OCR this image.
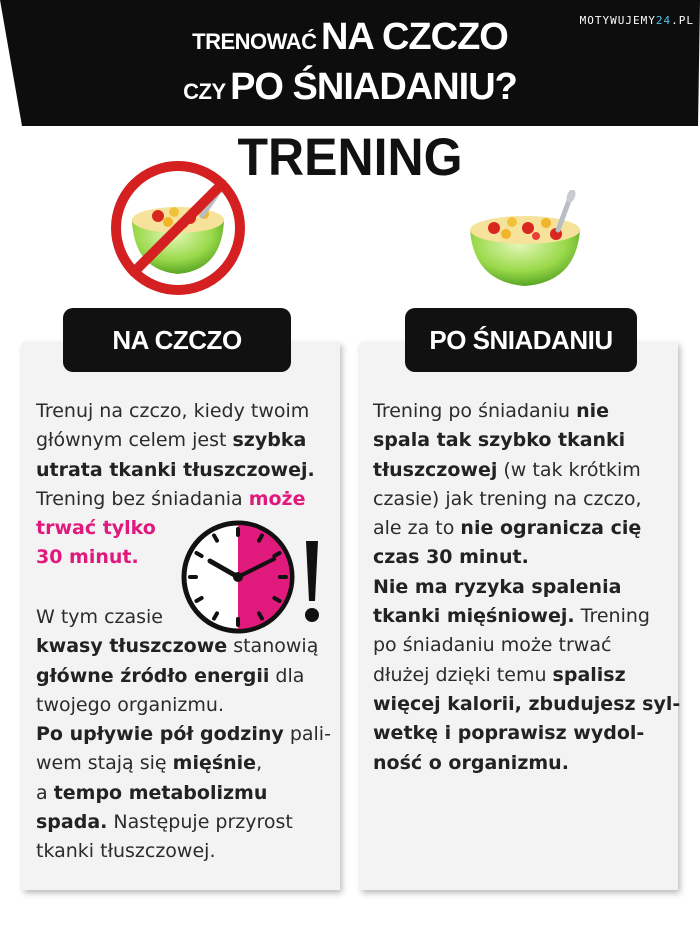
TRENOWAĆ NA CZCZO
CZY PO ŚNIADANIU?
MOTYWUJEMY24.PL
TRENING
NA CZCZO	PO ŚNIADANIU
Trenuj na czczo, kiedy twoim
głównym celem jest szybka
utrata tkanki tłuszczowej.
Trening bez śniadania może
trwać tylko
30 minut.
W tym czasie
kwasy tłuszczowe stanowią
główne źródło energii dla
twojego organizmu.
Po upływie pół godziny pali-
wem stają się mięśnie,
a tempo metabolizmu
spada. Następuje przyrost
tkanki tłuszczowej.
Trening po śniadaniu nie
spala tak szybko tkanki
tłuszczowej (w tak krótkim
czasie) jak trening na czczo,
ale za to nie ogranicza cię
czas 30 minut.
Nie ma ryzyka spalenia
tkanki mięśniowej. Trening
po śniadaniu może trwać
dłużej dzięki temu spalisz
więcej kalorii, zbudujesz syl-
wetkę i poprawisz wydol-
ność o organizmu.
